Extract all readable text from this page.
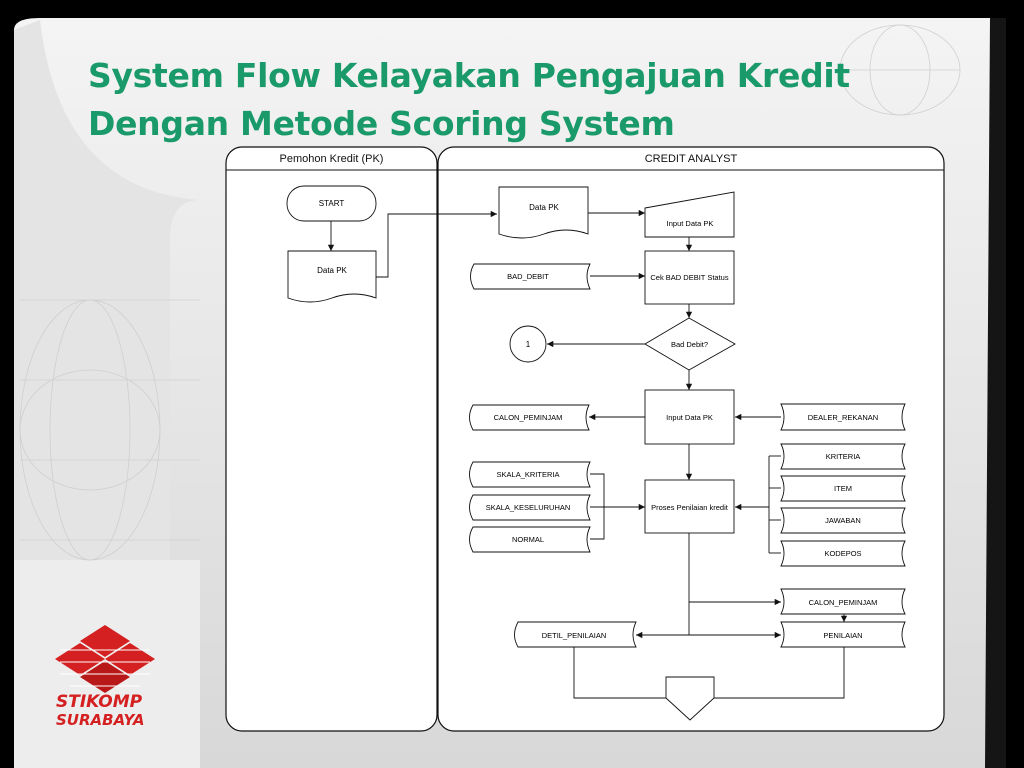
Pemohon Kredit (PK)	CREDIT ANALYST
START
Data PK
Data PK
Input Data PK
Cek BAD DEBIT Status
Input Data PK
Proses Penilaian kredit
Bad Debit?
1
BAD_DEBIT
CALON_PEMINJAM
SKALA_KRITERIA
SKALA_KESELURUHAN
NORMAL
DEALER_REKANAN
KRITERIA
ITEM
JAWABAN
KODEPOS
CALON_PEMINJAM
PENILAIAN
DETIL_PENILAIAN
STIKOMP
SURABAYA
System Flow Kelayakan Pengajuan Kredit
Dengan Metode Scoring System
